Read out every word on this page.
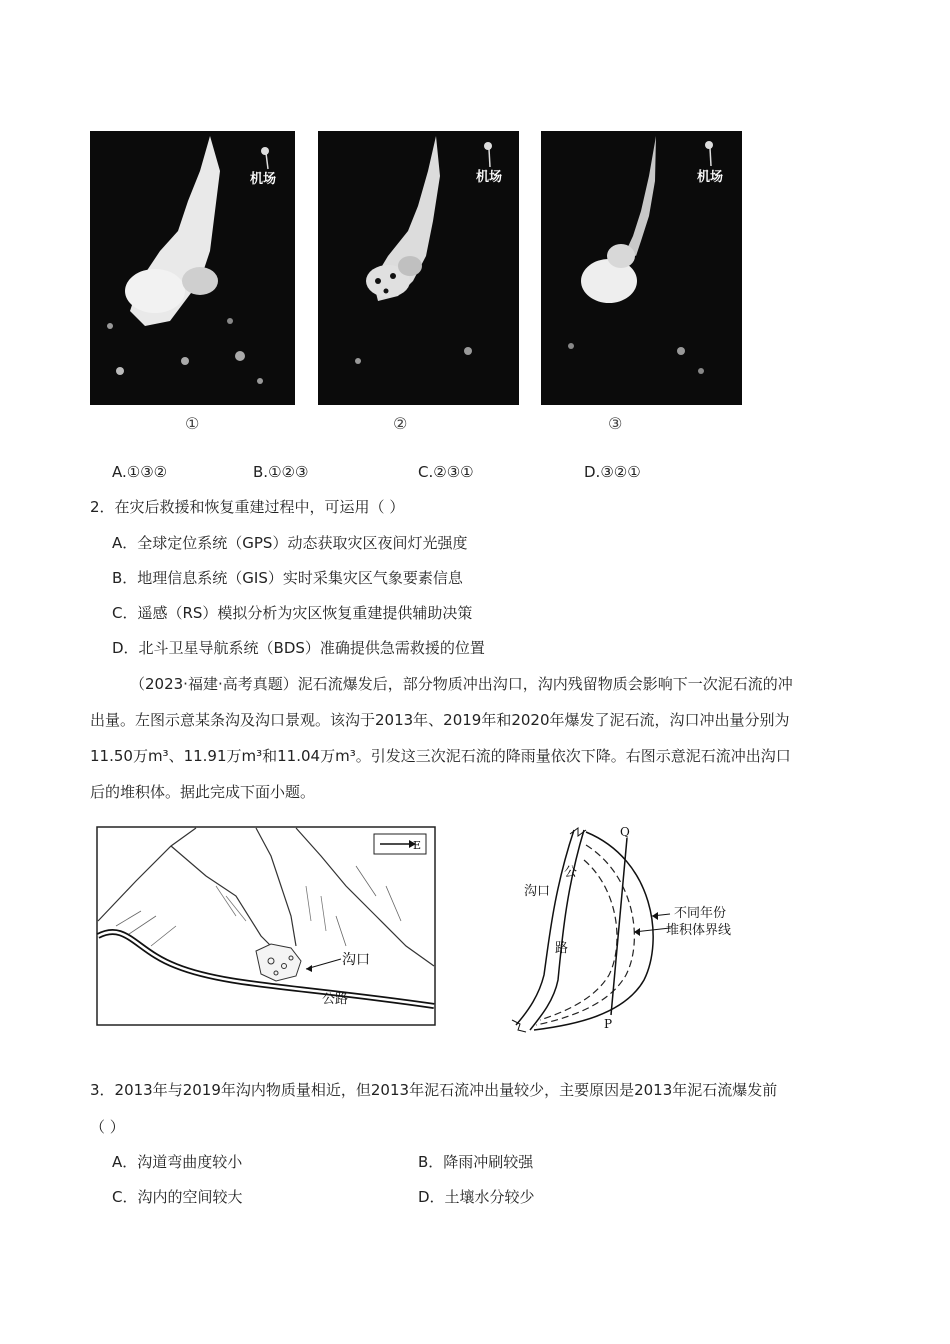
机场	机场	机场
①	②	③
A.①③②	B.①②③	C.②③①	D.③②①
2．在灾后救援和恢复重建过程中，可运用（ ）
A．全球定位系统（GPS）动态获取灾区夜间灯光强度
B．地理信息系统（GIS）实时采集灾区气象要素信息
C．遥感（RS）模拟分析为灾区恢复重建提供辅助决策
D．北斗卫星导航系统（BDS）准确提供急需救援的位置
（2023·福建·高考真题）泥石流爆发后，部分物质冲出沟口，沟内残留物质会影响下一次泥石流的冲
出量。左图示意某条沟及沟口景观。该沟于2013年、2019年和2020年爆发了泥石流，沟口冲出量分别为
11.50万m³、11.91万m³和11.04万m³。引发这三次泥石流的降雨量依次下降。右图示意泥石流冲出沟口
后的堆积体。据此完成下面小题。
E
沟口
公路
Q
P
沟口
公
路
不同年份
堆积体界线
3．2013年与2019年沟内物质量相近，但2013年泥石流冲出量较少，主要原因是2013年泥石流爆发前
（ ）
A．沟道弯曲度较小	B．降雨冲刷较强
C．沟内的空间较大	D．土壤水分较少
